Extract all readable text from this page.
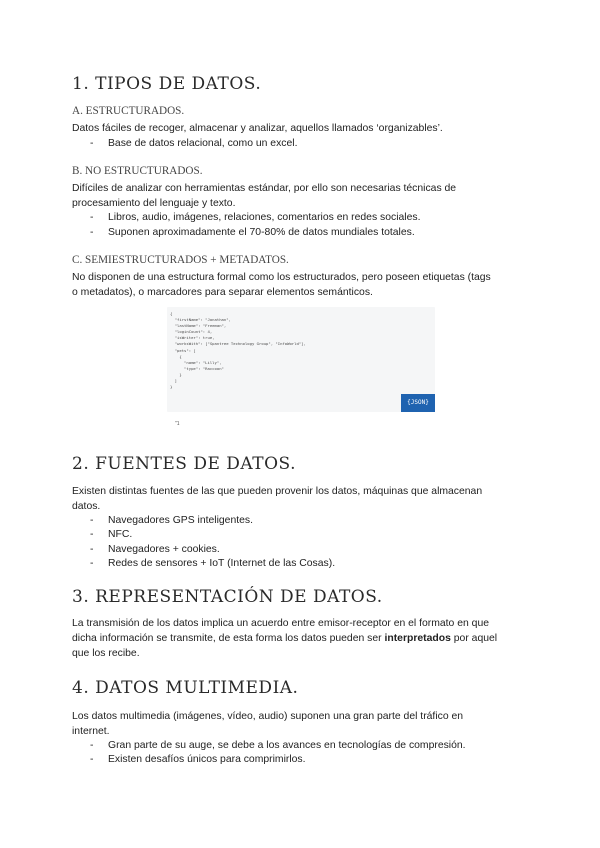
1. TIPOS DE DATOS.
A. ESTRUCTURADOS.
Datos fáciles de recoger, almacenar y analizar, aquellos llamados ‘organizables’.
- Base de datos relacional, como un excel.
B. NO ESTRUCTURADOS.
Difíciles de analizar con herramientas estándar, por ello son necesarias técnicas de
procesamiento del lenguaje y texto.
- Libros, audio, imágenes, relaciones, comentarios en redes sociales.
- Suponen aproximadamente el 70-80% de datos mundiales totales.
C. SEMIESTRUCTURADOS + METADATOS.
No disponen de una estructura formal como los estructurados, pero poseen etiquetas (tags
o metadatos), o marcadores para separar elementos semánticos.
2. FUENTES DE DATOS.
Existen distintas fuentes de las que pueden provenir los datos, máquinas que almacenan
datos.
- Navegadores GPS inteligentes.
- NFC.
- Navegadores + cookies.
- Redes de sensores + IoT (Internet de las Cosas).
3. REPRESENTACIÓN DE DATOS.
La transmisión de los datos implica un acuerdo entre emisor-receptor en el formato en que
dicha información se transmite, de esta forma los datos pueden ser interpretados por aquel
que los recibe.
4. DATOS MULTIMEDIA.
Los datos multimedia (imágenes, vídeo, audio) suponen una gran parte del tráfico en
internet.
- Gran parte de su auge, se debe a los avances en tecnologías de compresión.
- Existen desafíos únicos para comprimirlos.
{
"firstName": "Jonathan",
"lastName": "Freeman",
"loginCount": 4,
"isWriter": true,
"worksWith": ["Spantree Technology Group", "InfoWorld"],
"pets": [
{
"name": "Lilly",
"type": "Raccoon"
}
]
}
{JSON}
"1
